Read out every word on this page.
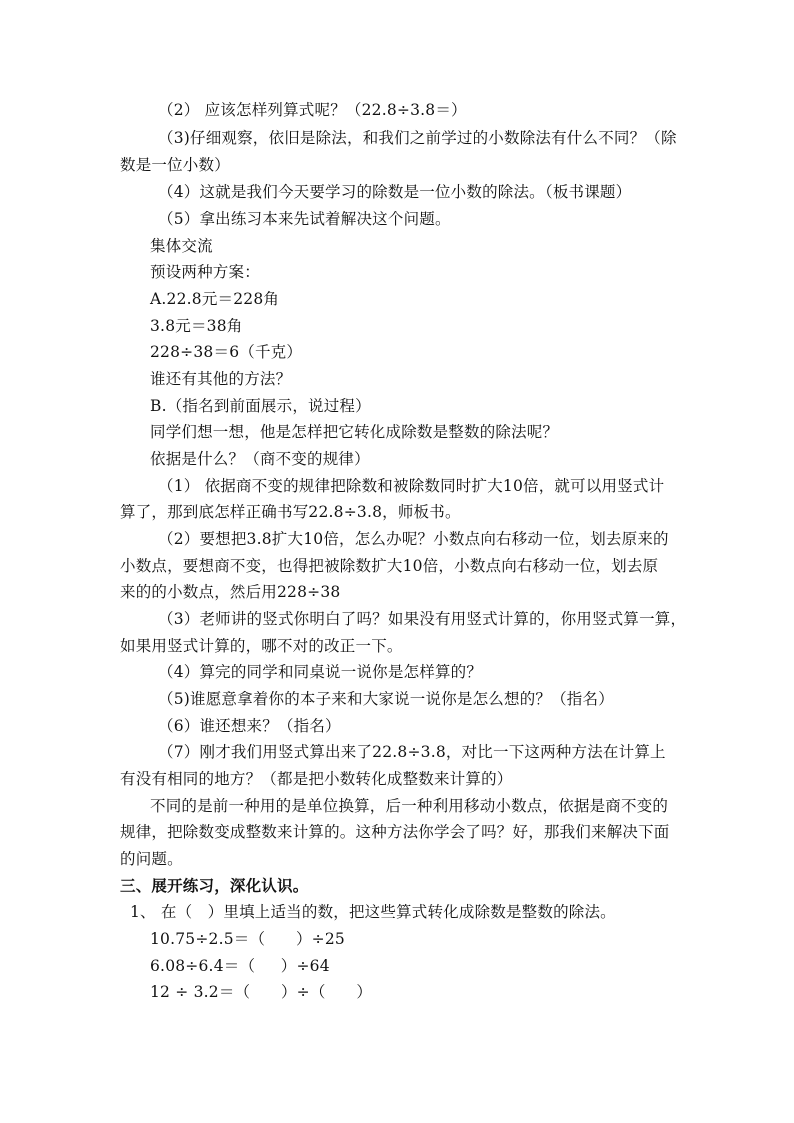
（2） 应该怎样列算式呢？（22.8÷3.8＝）
（3)仔细观察，依旧是除法，和我们之前学过的小数除法有什么不同？（除
数是一位小数）
（4）这就是我们今天要学习的除数是一位小数的除法。（板书课题）
（5）拿出练习本来先试着解决这个问题。
集体交流
预设两种方案：
A.22.8元＝228角
3.8元＝38角
228÷38＝6（千克）
谁还有其他的方法？
B.（指名到前面展示，说过程）
同学们想一想，他是怎样把它转化成除数是整数的除法呢？
依据是什么？（商不变的规律）
（1） 依据商不变的规律把除数和被除数同时扩大10倍，就可以用竖式计
算了，那到底怎样正确书写22.8÷3.8，师板书。
（2）要想把3.8扩大10倍，怎么办呢？小数点向右移动一位，划去原来的
小数点，要想商不变，也得把被除数扩大10倍，小数点向右移动一位，划去原
来的的小数点，然后用228÷38
（3）老师讲的竖式你明白了吗？如果没有用竖式计算的，你用竖式算一算，
如果用竖式计算的，哪不对的改正一下。
（4）算完的同学和同桌说一说你是怎样算的？
（5)谁愿意拿着你的本子来和大家说一说你是怎么想的？（指名）
（6）谁还想来？（指名）
（7）刚才我们用竖式算出来了22.8÷3.8，对比一下这两种方法在计算上
有没有相同的地方？（都是把小数转化成整数来计算的）
不同的是前一种用的是单位换算，后一种利用移动小数点，依据是商不变的
规律，把除数变成整数来计算的。这种方法你学会了吗？好，那我们来解决下面
的问题。
三、展开练习，深化认识。
1、 在（   ）里填上适当的数，把这些算式转化成除数是整数的除法。
10.75÷2.5＝（      ）÷25
6.08÷6.4＝（     ）÷64
12 ÷ 3.2＝（      ）÷（      ）
